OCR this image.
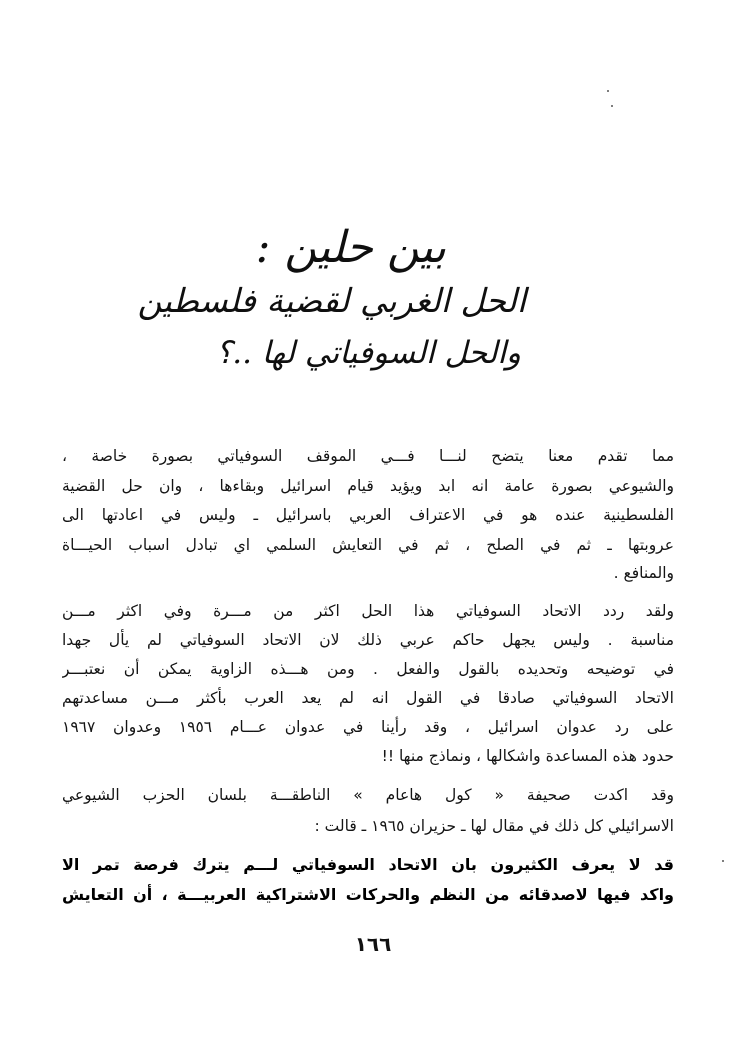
بين حلين :
الحل الغربي لقضية فلسطين
والحل السوفياتي لها ..؟
مما تقدم معنا يتضح لنـــا فـــي الموقف السوفياتي بصورة خاصة ،
والشيوعي بصورة عامة انه ابد ويؤيد قيام اسرائيل وبقاءها ، وان حل القضية
الفلسطينية عنده هو في الاعتراف العربي باسرائيل ـ وليس في اعادتها الى
عروبتها ـ ثم في الصلح ، ثم في التعايش السلمي اي تبادل اسباب الحيـــاة
والمنافع .
ولقد ردد الاتحاد السوفياتي هذا الحل اكثر من مـــرة وفي اكثر مـــن
مناسبة . وليس يجهل حاكم عربي ذلك لان الاتحاد السوفياتي لم يأل جهدا
في توضيحه وتحديده بالقول والفعل . ومن هـــذه الزاوية يمكن أن نعتبـــر
الاتحاد السوفياتي صادقا في القول انه لم يعد العرب بأكثر مـــن مساعدتهم
على رد عدوان اسرائيل ، وقد رأينا في عدوان عـــام ١٩٥٦ وعدوان ١٩٦٧
حدود هذه المساعدة واشكالها ، ونماذج منها !!
وقد اكدت صحيفة « كول هاعام » الناطقـــة بلسان الحزب الشيوعي
الاسرائيلي كل ذلك في مقال لها ـ حزيران ١٩٦٥ ـ قالت :
قد لا يعرف الكثيرون بان الاتحاد السوفياتي لـــم يترك فرصة تمر الا
واكد فيها لاصدقائه من النظم والحركات الاشتراكية العربيـــة ، أن التعايش
١٦٦
